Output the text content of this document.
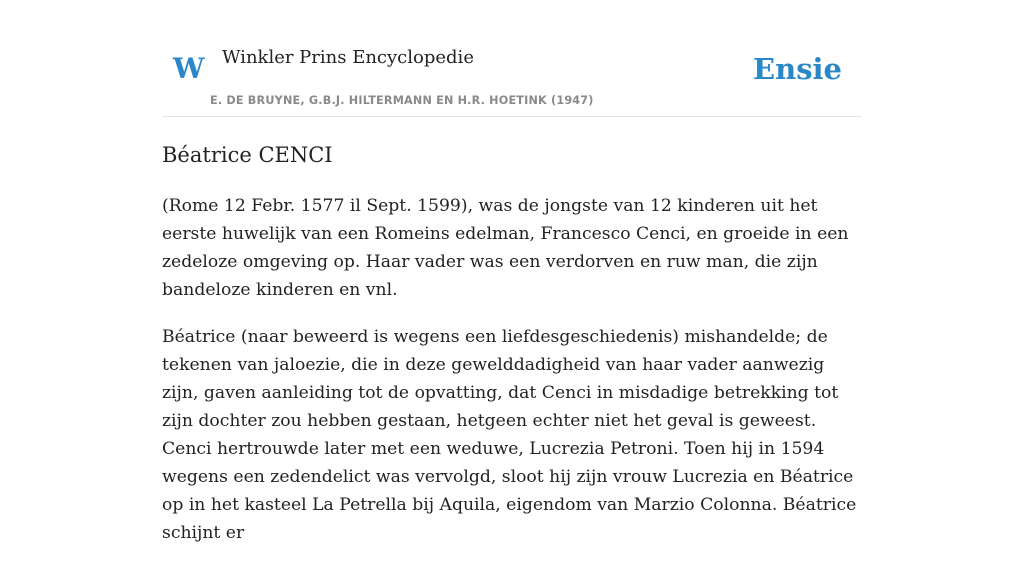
W Winkler Prins Encyclopedie
E. DE BRUYNE, G.B.J. HILTERMANN EN H.R. HOETINK (1947)
Ensie
Béatrice CENCI

(Rome 12 Febr. 1577 il Sept. 1599), was de jongste van 12 kinderen uit het eerste huwelijk van een Romeins edelman, Francesco Cenci, en groeide in een zedeloze omgeving op. Haar vader was een verdorven en ruw man, die zijn bandeloze kinderen en vnl.

Béatrice (naar beweerd is wegens een liefdesgeschiedenis) mishandelde; de tekenen van jaloezie, die in deze gewelddadigheid van haar vader aanwezig zijn, gaven aanleiding tot de opvatting, dat Cenci in misdadige betrekking tot zijn dochter zou hebben gestaan, hetgeen echter niet het geval is geweest. Cenci hertrouwde later met een weduwe, Lucrezia Petroni. Toen hij in 1594 wegens een zedendelict was vervolgd, sloot hij zijn vrouw Lucrezia en Béatrice op in het kasteel La Petrella bij Aquila, eigendom van Marzio Colonna. Béatrice schijnt er
